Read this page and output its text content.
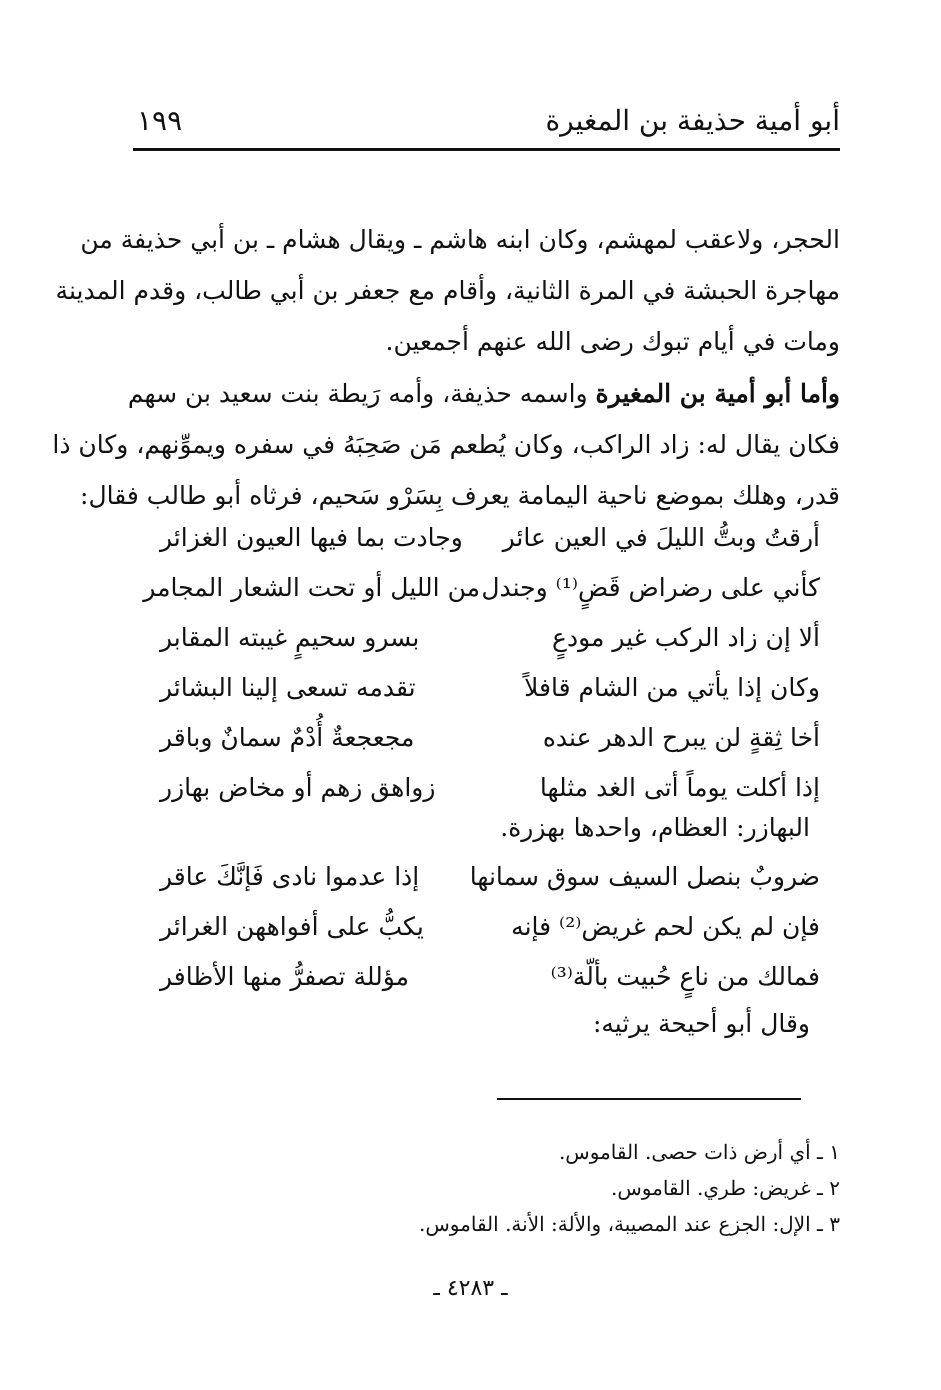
أبو أمية حذيفة بن المغيرة
١٩٩
الحجر، ولاعقب لمهشم، وكان ابنه هاشم ـ ويقال هشام ـ بن أبي حذيفة من
مهاجرة الحبشة في المرة الثانية، وأقام مع جعفر بن أبي طالب، وقدم المدينة
ومات في أيام تبوك رضى الله عنهم أجمعين.
وأما أبو أمية بن المغيرة واسمه حذيفة، وأمه رَيطة بنت سعيد بن سهم
فكان يقال له: زاد الراكب، وكان يُطعم مَن صَحِبَهُ في سفره ويموِّنهم، وكان ذا
قدر، وهلك بموضع ناحية اليمامة يعرف بِسَرْو سَحيم، فرثاه أبو طالب فقال:
أرقتُ وبتُّ الليلَ في العين عائر
وجادت بما فيها العيون الغزائر
كأني على رضراض قَضٍ⁽¹⁾ وجندل
من الليل أو تحت الشعار المجامر
ألا إن زاد الركب غير مودعٍ
بسرو سحيمٍ غيبته المقابر
وكان إذا يأتي من الشام قافلاً
تقدمه تسعى إلينا البشائر
أخا ثِقةٍ لن يبرح الدهر عنده
مجعجعةٌ أُدْمٌ سمانٌ وباقر
إذا أكلت يوماً أتى الغد مثلها
زواهق زهم أو مخاض بهازر
البهازر: العظام، واحدها بهزرة.
ضروبٌ بنصل السيف سوق سمانها
إذا عدموا نادى فَإنَّكَ عاقر
فإن لم يكن لحم غريض⁽²⁾ فإنه
يكبُّ على أفواههن الغرائر
فمالك من ناعٍ حُبيت بألّة⁽³⁾
مؤللة تصفرُّ منها الأظافر
وقال أبو أحيحة يرثيه:
١ ـ أي أرض ذات حصى. القاموس.
٢ ـ غريض: طري. القاموس.
٣ ـ الإل: الجزع عند المصيبة، والألة: الأنة. القاموس.
ـ ٤٢٨٣ ـ
